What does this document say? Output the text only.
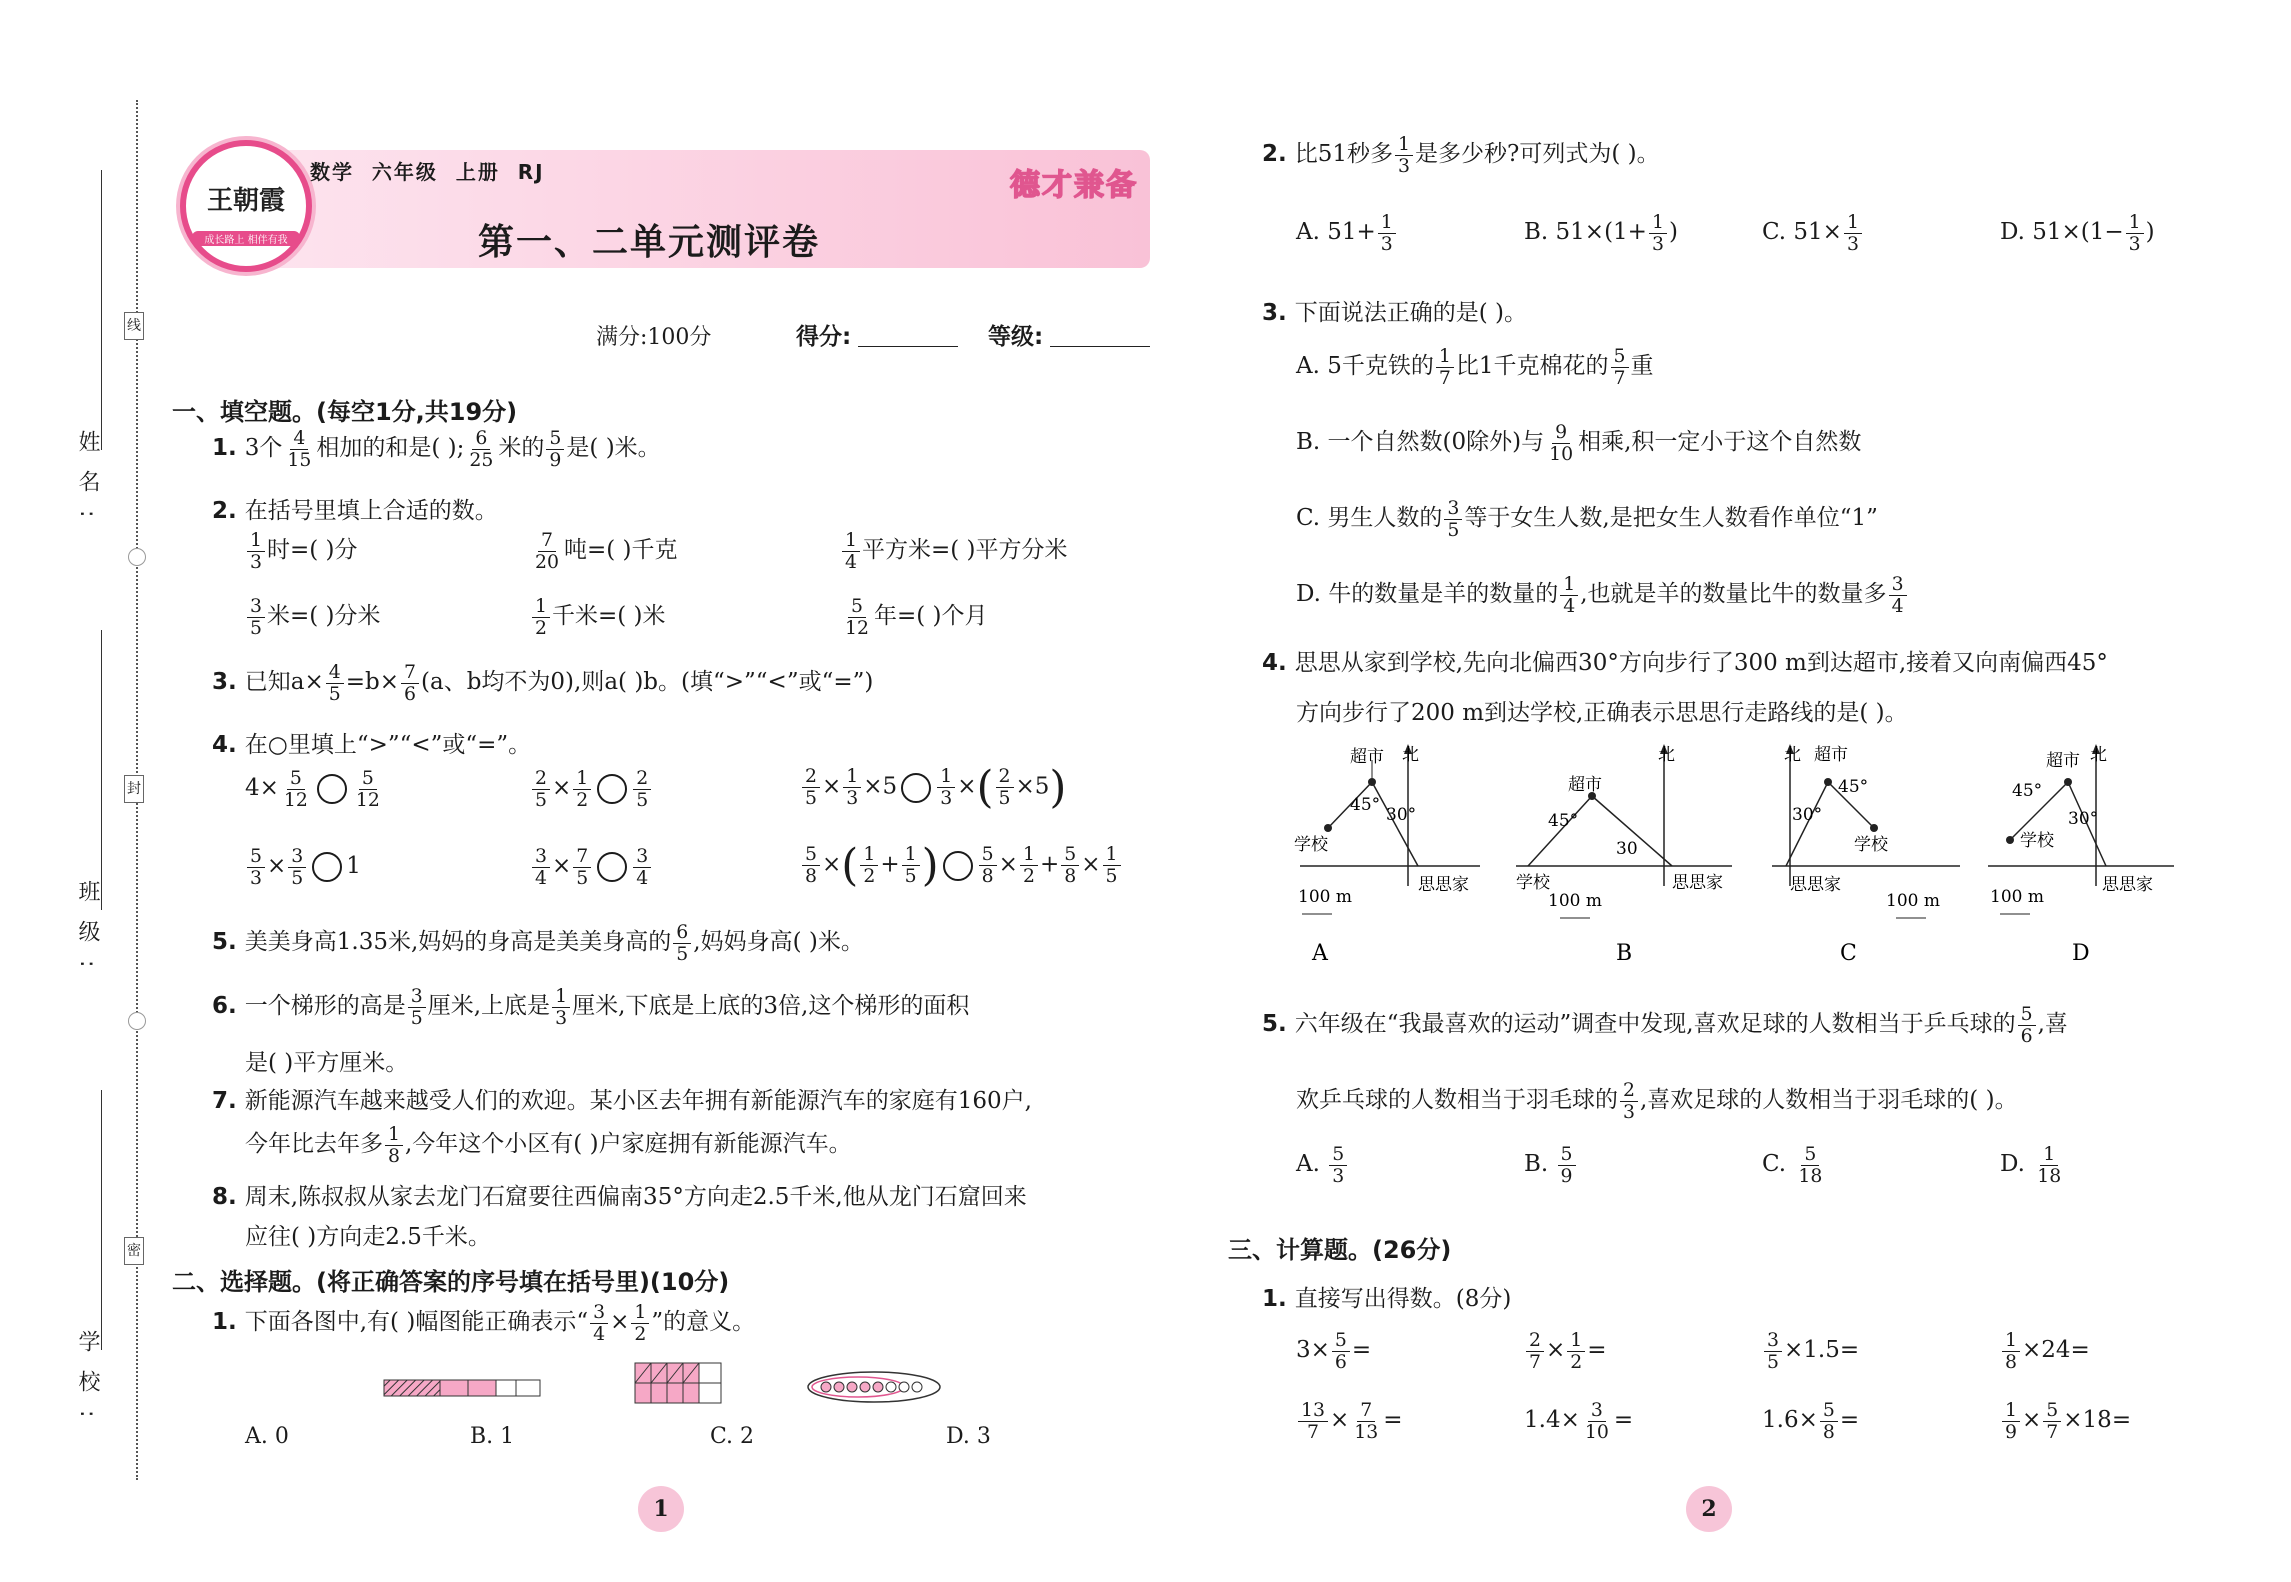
姓名:
班级:
学校:
线
封
密
王朝霞
成长路上 相伴有我
数学  六年级  上册  RJ	德才兼备
第一、二单元测评卷
满分:100分	得分:	等级:
一、填空题。(每空1分,共19分)
1. 3个 $\frac{4}{15}$ 相加的和是( ); $\frac{6}{25}$ 米的 $\frac{5}{9}$ 是( )米。
2. 在括号里填上合适的数。
$\frac{1}{3}$ 时=( )分	$\frac{7}{20}$ 吨=( )千克	$\frac{1}{4}$ 平方米=( )平方分米
$\frac{3}{5}$ 米=( )分米	$\frac{1}{2}$ 千米=( )米	$\frac{5}{12}$ 年=( )个月
3. 已知$a\times \frac{4}{5} =b\times \frac{7}{6} (a$、b均不为0),则a( )b。(填“>”“<”或“=”)
4. 在○里填上“>”“<”或“=”。
$4\times \frac{5}{12} \frac{5}{12}$	$\frac{2}{5} \times \frac{1}{2} \frac{2}{5}$	$\frac{2}{5} \times \frac{1}{3} \times 5 \frac{1}{3}$ ×( $\frac{2}{5} \times 5$)
$\frac{5}{3} \times \frac{3}{5} 1$	$\frac{3}{4} \times \frac{7}{5} \frac{3}{4}$	$\frac{5}{8}$ ×( $\frac{1}{2} + \frac{1}{5}$ ) $\frac{5}{8} \times \frac{1}{2} + \frac{5}{8} \times \frac{1}{5}$
5. 美美身高1.35米,妈妈的身高是美美身高的 $\frac{6}{5}$ ,妈妈身高( )米。
6. 一个梯形的高是 $\frac{3}{5}$ 厘米,上底是 $\frac{1}{3}$ 厘米,下底是上底的3倍,这个梯形的面积
是( )平方厘米。
7. 新能源汽车越来越受人们的欢迎。某小区去年拥有新能源汽车的家庭有160户,
今年比去年多 $\frac{1}{8}$ ,今年这个小区有( )户家庭拥有新能源汽车。
8. 周末,陈叔叔从家去龙门石窟要往西偏南35°方向走2.5千米,他从龙门石窟回来
应往( )方向走2.5千米。
二、选择题。(将正确答案的序号填在括号里)(10分)
1. 下面各图中,有( )幅图能正确表示“ $\frac{3}{4} \times \frac{1}{2}$ ”的意义。
A. 0	B. 1	C. 2	D. 3
1
2. 比51秒多 $\frac{1}{3}$ 是多少秒?可列式为( )。
A. $51+ \frac{1}{3}$	B. $51\times(1+ \frac{1}{3}$ )	C. $51\times \frac{1}{3}$	D. $51\times(1- \frac{1}{3}$ )
3. 下面说法正确的是( )。
A. 5千克铁的 $\frac{1}{7}$ 比1千克棉花的 $\frac{5}{7}$ 重
B. 一个自然数(0除外)与 $\frac{9}{10}$ 相乘,积一定小于这个自然数
C. 男生人数的 $\frac{3}{5}$ 等于女生人数,是把女生人数看作单位“1”
D. 牛的数量是羊的数量的 $\frac{1}{4}$ ,也就是羊的数量比牛的数量多 $\frac{3}{4}$
4. 思思从家到学校,先向北偏西30°方向步行了300 m到达超市,接着又向南偏西45°
方向步行了200 m到达学校,正确表示思思行走路线的是( )。
超市 北
45° 30°
学校
思思家
100 m
A
超市
北
45°
30
学校	思思家
100 m
B
超市
北
45°
30°
学校
思思家
100 m
C
超市 北
45°
30°
学校
思思家
100 m
D
5. 六年级在“我最喜欢的运动”调查中发现,喜欢足球的人数相当于乒乓球的 $\frac{5}{6}$ ,喜
欢乒乓球的人数相当于羽毛球的 $\frac{2}{3}$ ,喜欢足球的人数相当于羽毛球的( )。
A. $\frac{5}{3}$	B. $\frac{5}{9}$	C. $\frac{5}{18}$	D. $\frac{1}{18}$
三、计算题。(26分)
1. 直接写出得数。(8分)
$3\times \frac{5}{6}$ =	$\frac{2}{7} \times \frac{1}{2}$ =	$\frac{3}{5} \times 1.5=$	$\frac{1}{8} \times 24=$
$\frac{13}{7} \times \frac{7}{13}$ =	$1.4\times \frac{3}{10}$ =	$1.6\times \frac{5}{8}$ =	$\frac{1}{9} \times \frac{5}{7} \times 18=$
2
